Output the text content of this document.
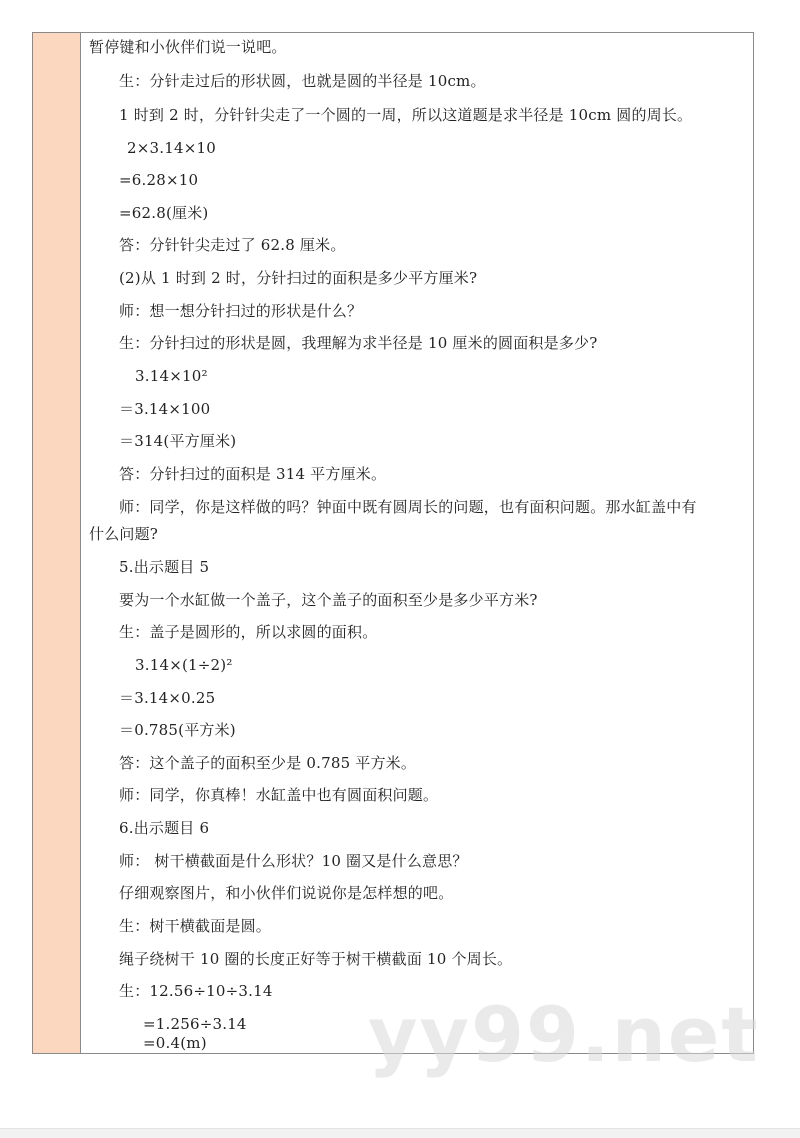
暂停键和小伙伴们说一说吧。
生：分针走过后的形状圆，也就是圆的半径是 10cm。
1 时到 2 时，分针针尖走了一个圆的一周，所以这道题是求半径是 10cm 圆的周长。
2×3.14×10
=6.28×10
=62.8(厘米)
答：分针针尖走过了 62.8 厘米。
(2)从 1 时到 2 时，分针扫过的面积是多少平方厘米?
师：想一想分针扫过的形状是什么？
生：分针扫过的形状是圆，我理解为求半径是 10 厘米的圆面积是多少?
3.14×10²
＝3.14×100
＝314(平方厘米)
答：分针扫过的面积是 314 平方厘米。
师：同学，你是这样做的吗？钟面中既有圆周长的问题，也有面积问题。那水缸盖中有
什么问题?
5.出示题目 5
要为一个水缸做一个盖子，这个盖子的面积至少是多少平方米?
生：盖子是圆形的，所以求圆的面积。
3.14×(1÷2)²
＝3.14×0.25
＝0.785(平方米)
答：这个盖子的面积至少是 0.785 平方米。
师：同学，你真棒！水缸盖中也有圆面积问题。
6.出示题目 6
师： 树干横截面是什么形状？10 圈又是什么意思？
仔细观察图片，和小伙伴们说说你是怎样想的吧。
生：树干横截面是圆。
绳子绕树干 10 圈的长度正好等于树干横截面 10 个周长。
生：12.56÷10÷3.14
=1.256÷3.14
=0.4(m)	yy99.net
